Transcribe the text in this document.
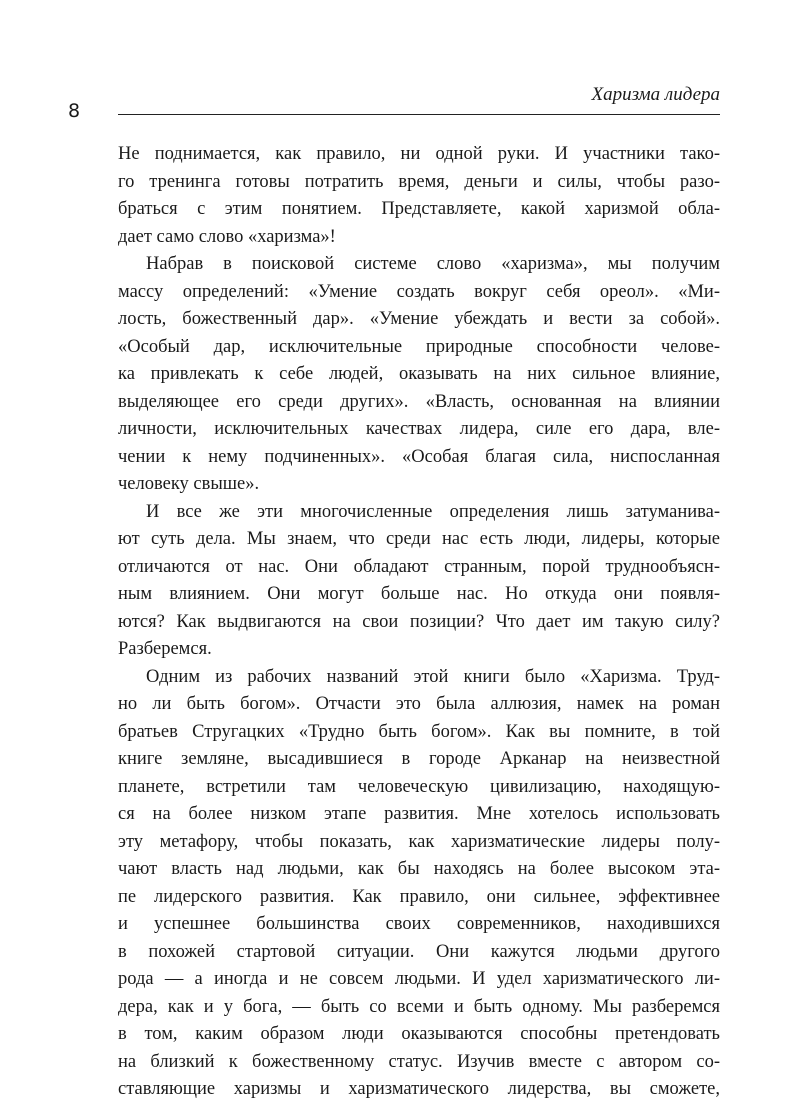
Харизма лидера
8
Не поднимается, как правило, ни одной руки. И участники тако-
го тренинга готовы потратить время, деньги и силы, чтобы разо-
браться с этим понятием. Представляете, какой харизмой обла-
дает само слово «харизма»!
Набрав в поисковой системе слово «харизма», мы получим
массу определений: «Умение создать вокруг себя ореол». «Ми-
лость, божественный дар». «Умение убеждать и вести за собой».
«Особый дар, исключительные природные способности челове-
ка привлекать к себе людей, оказывать на них сильное влияние,
выделяющее его среди других». «Власть, основанная на влиянии
личности, исключительных качествах лидера, силе его дара, вле-
чении к нему подчиненных». «Особая благая сила, ниспосланная
человеку свыше».
И все же эти многочисленные определения лишь затуманива-
ют суть дела. Мы знаем, что среди нас есть люди, лидеры, которые
отличаются от нас. Они обладают странным, порой труднообъясн-
ным влиянием. Они могут больше нас. Но откуда они появля-
ются? Как выдвигаются на свои позиции? Что дает им такую силу?
Разберемся.
Одним из рабочих названий этой книги было «Харизма. Труд-
но ли быть богом». Отчасти это была аллюзия, намек на роман
братьев Стругацких «Трудно быть богом». Как вы помните, в той
книге земляне, высадившиеся в городе Арканар на неизвестной
планете, встретили там человеческую цивилизацию, находящую-
ся на более низком этапе развития. Мне хотелось использовать
эту метафору, чтобы показать, как харизматические лидеры полу-
чают власть над людьми, как бы находясь на более высоком эта-
пе лидерского развития. Как правило, они сильнее, эффективнее
и успешнее большинства своих современников, находившихся
в похожей стартовой ситуации. Они кажутся людьми другого
рода — а иногда и не совсем людьми. И удел харизматического ли-
дера, как и у бога, — быть со всеми и быть одному. Мы разберемся
в том, каким образом люди оказываются способны претендовать
на близкий к божественному статус. Изучив вместе с автором со-
ставляющие харизмы и харизматического лидерства, вы сможете,
